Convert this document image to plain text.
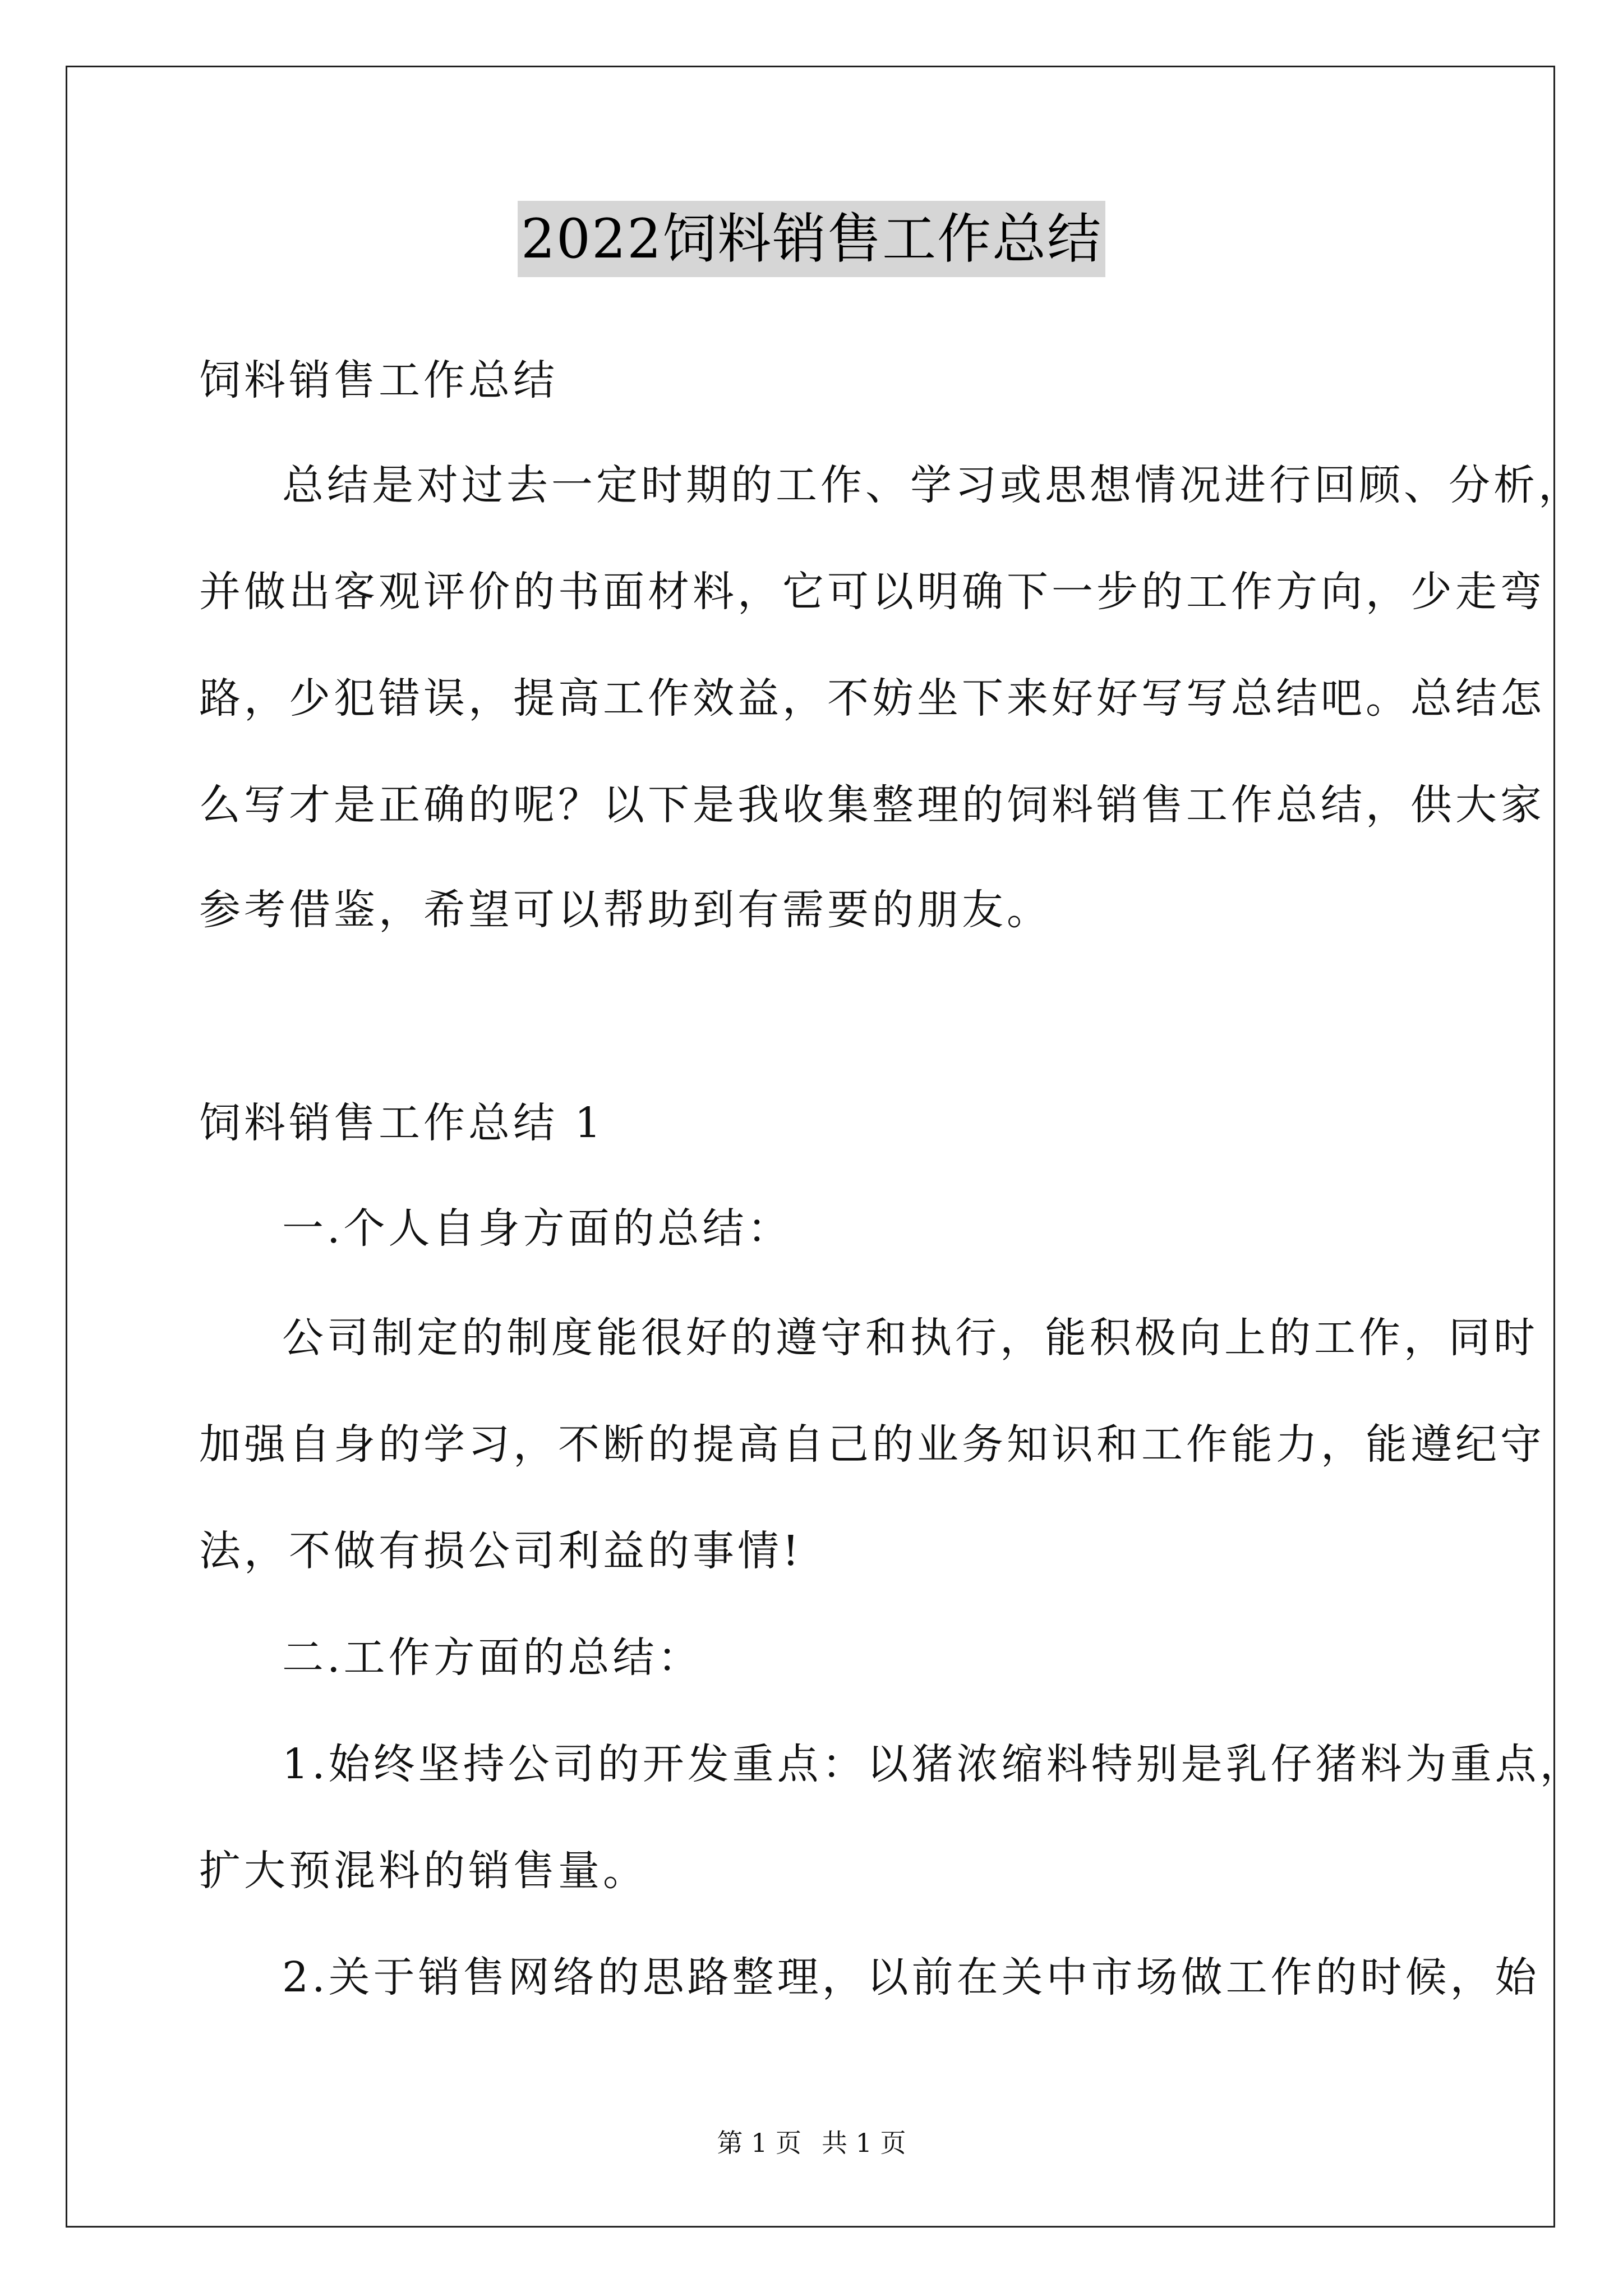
2022饲料销售工作总结
饲料销售工作总结
总结是对过去一定时期的工作、学习或思想情况进行回顾、分析，
并做出客观评价的书面材料，它可以明确下一步的工作方向，少走弯
路，少犯错误，提高工作效益，不妨坐下来好好写写总结吧。总结怎
么写才是正确的呢？以下是我收集整理的饲料销售工作总结，供大家
参考借鉴，希望可以帮助到有需要的朋友。
饲料销售工作总结 1
一.个人自身方面的总结：
公司制定的制度能很好的遵守和执行，能积极向上的工作，同时
加强自身的学习，不断的提高自己的业务知识和工作能力，能遵纪守
法，不做有损公司利益的事情!
二.工作方面的总结：
1.始终坚持公司的开发重点：以猪浓缩料特别是乳仔猪料为重点，
扩大预混料的销售量。
2.关于销售网络的思路整理，以前在关中市场做工作的时候，始
第 1 页 共 1 页
